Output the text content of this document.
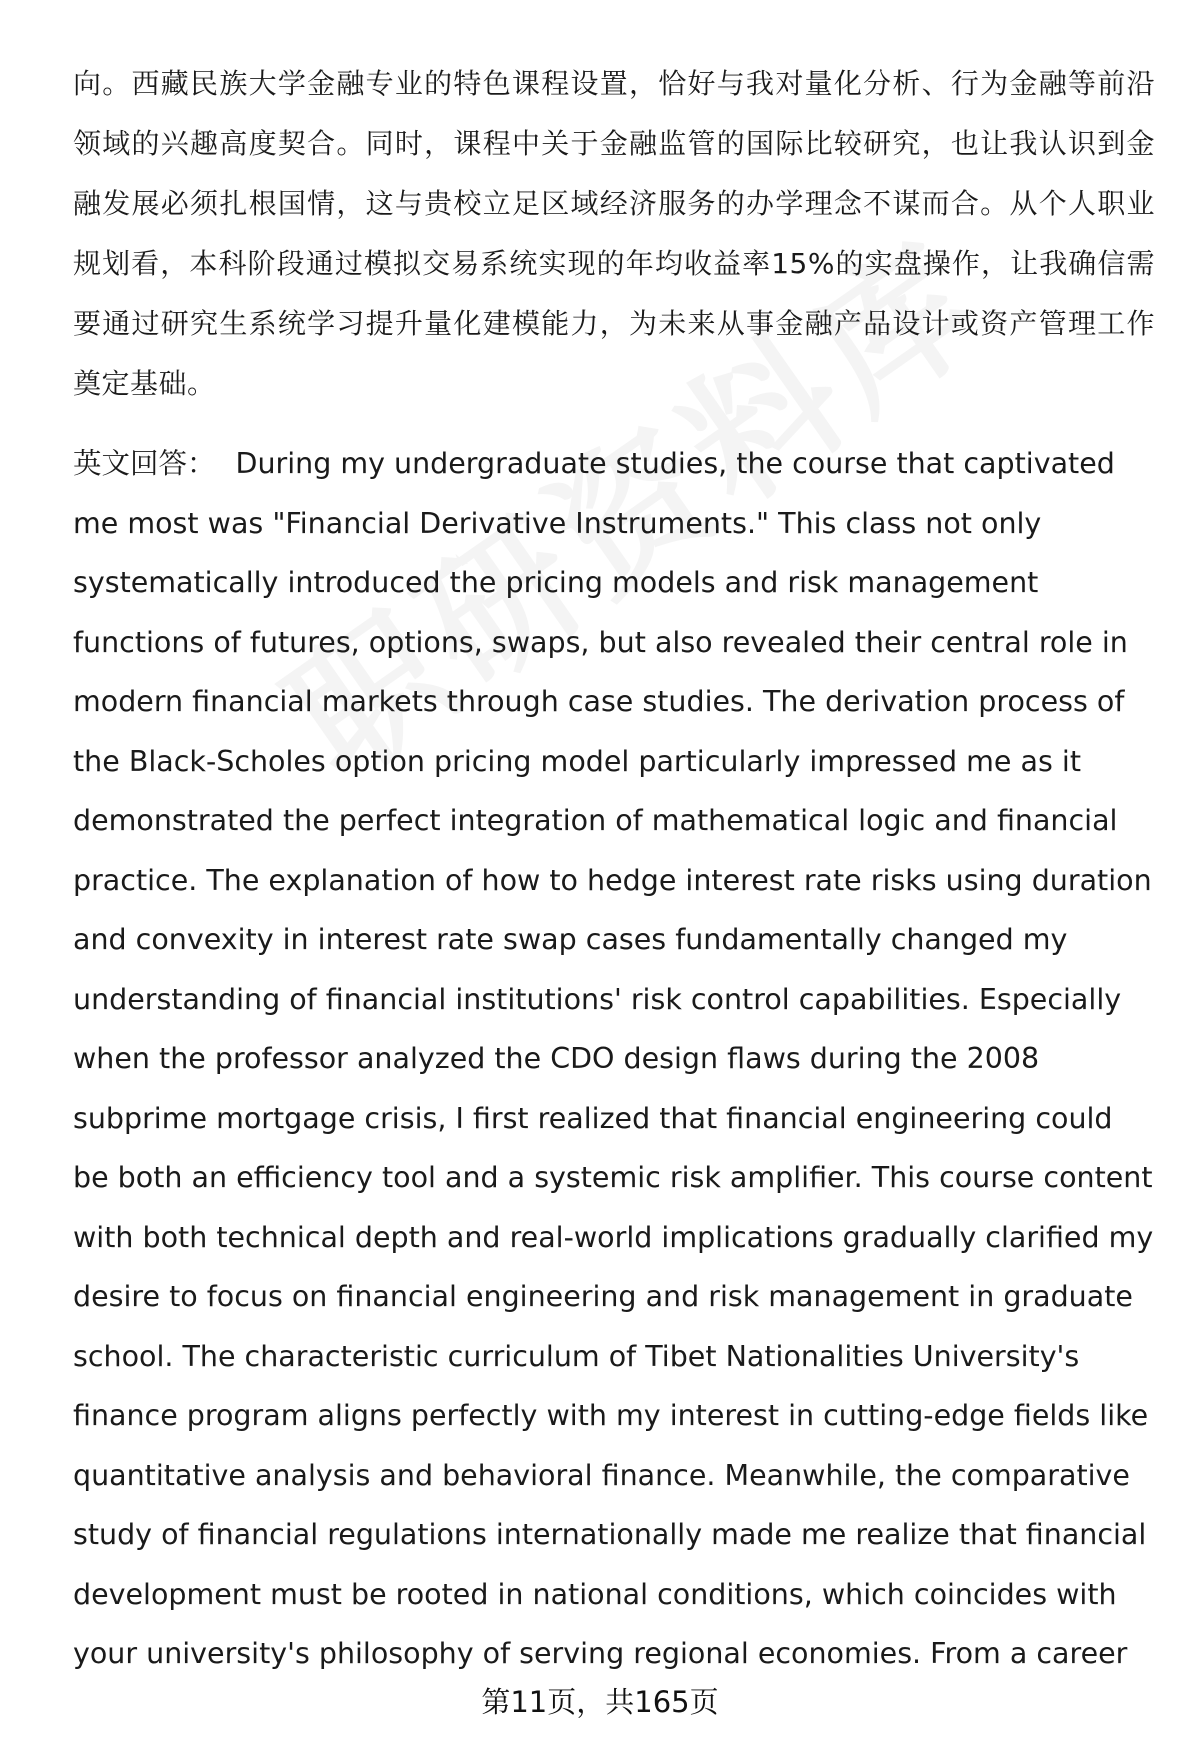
向。西藏民族大学金融专业的特色课程设置，恰好与我对量化分析、行为金融等前沿领域的兴趣高度契合。同时，课程中关于金融监管的国际比较研究，也让我认识到金融发展必须扎根国情，这与贵校立足区域经济服务的办学理念不谋而合。从个人职业规划看，本科阶段通过模拟交易系统实现的年均收益率15%的实盘操作，让我确信需要通过研究生系统学习提升量化建模能力，为未来从事金融产品设计或资产管理工作奠定基础。

英文回答： During my undergraduate studies, the course that captivated me most was "Financial Derivative Instruments." This class not only systematically introduced the pricing models and risk management functions of futures, options, swaps, but also revealed their central role in modern financial markets through case studies. The derivation process of the Black-Scholes option pricing model particularly impressed me as it demonstrated the perfect integration of mathematical logic and financial practice. The explanation of how to hedge interest rate risks using duration and convexity in interest rate swap cases fundamentally changed my understanding of financial institutions' risk control capabilities. Especially when the professor analyzed the CDO design flaws during the 2008 subprime mortgage crisis, I first realized that financial engineering could be both an efficiency tool and a systemic risk amplifier. This course content with both technical depth and real-world implications gradually clarified my desire to focus on financial engineering and risk management in graduate school. The characteristic curriculum of Tibet Nationalities University's finance program aligns perfectly with my interest in cutting-edge fields like quantitative analysis and behavioral finance. Meanwhile, the comparative study of financial regulations internationally made me realize that financial development must be rooted in national conditions, which coincides with your university's philosophy of serving regional economies. From a career

第11页，共165页
